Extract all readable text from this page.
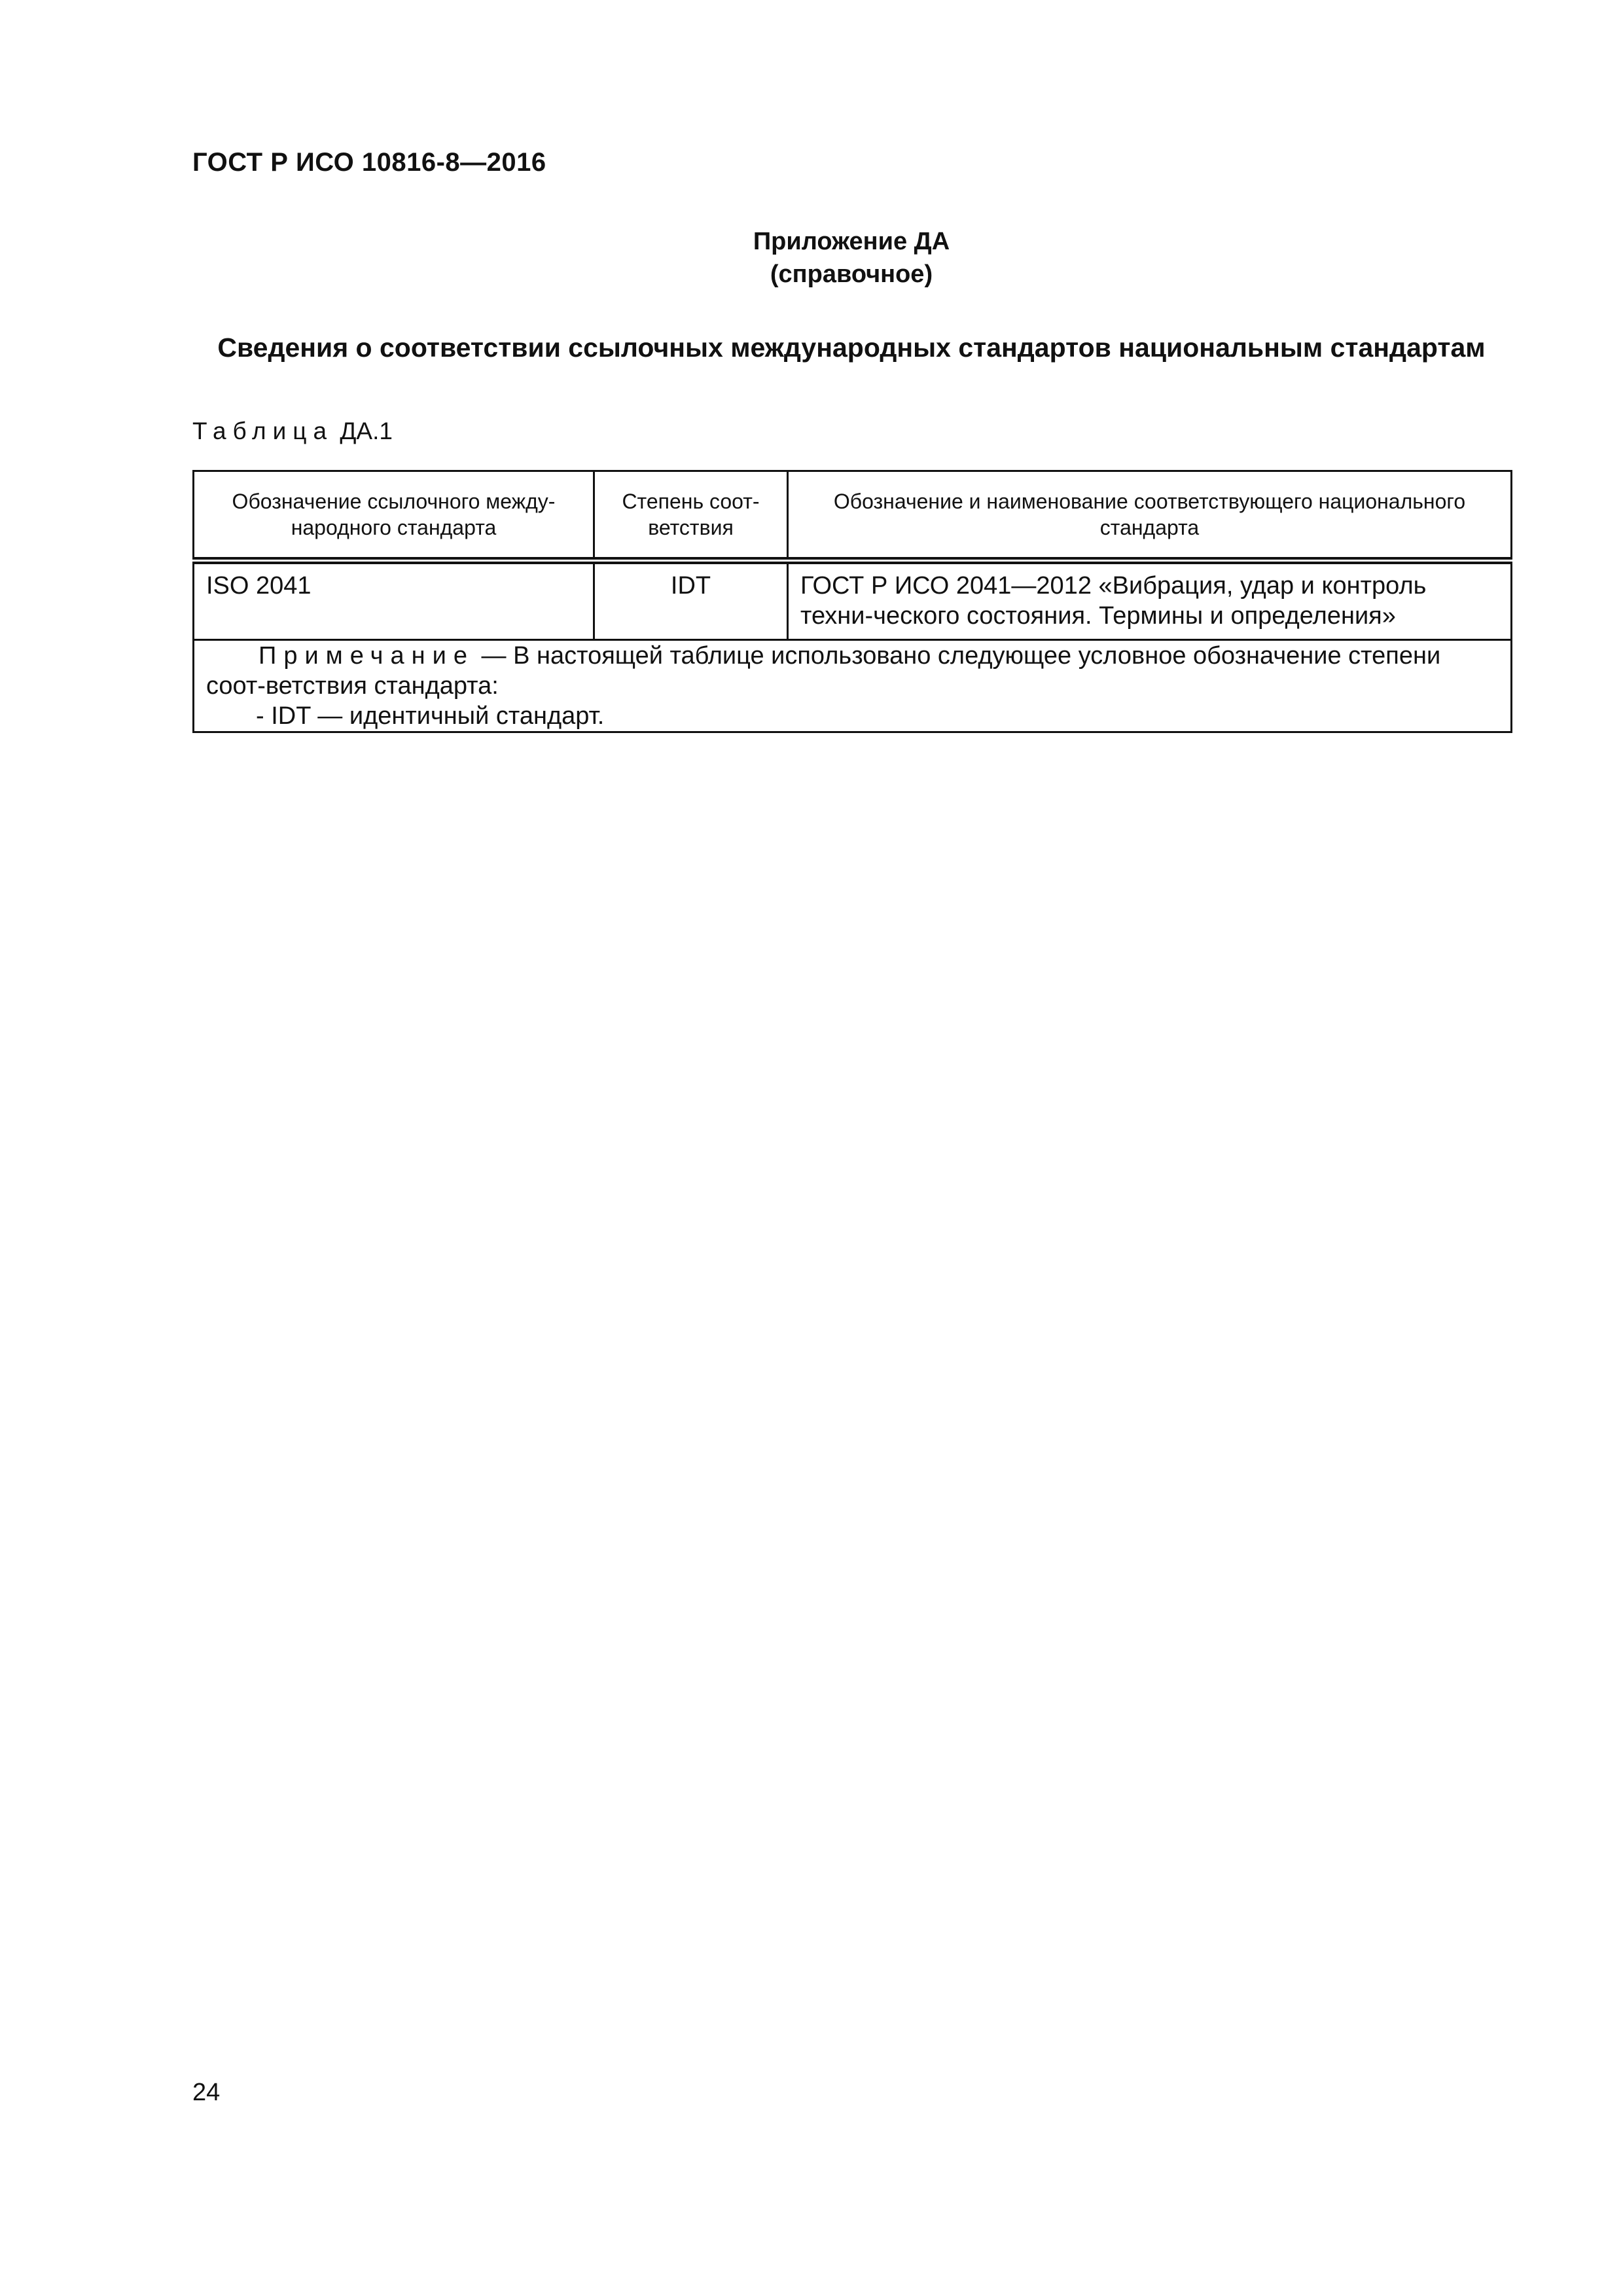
ГОСТ Р ИСО 10816-8—2016
Приложение ДА
(справочное)
Сведения о соответствии ссылочных международных стандартов национальным стандартам
Таблица ДА.1
Обозначение ссылочного между-народного стандарта	Степень соот-ветствия	Обозначение и наименование соответствующего национального стандарта
ISO 2041	IDT	ГОСТ Р ИСО 2041—2012 «Вибрация, удар и контроль техни-ческого состояния. Термины и определения»
Примечание — В настоящей таблице использовано следующее условное обозначение степени соот-ветствия стандарта:
- IDT — идентичный стандарт.		
24
